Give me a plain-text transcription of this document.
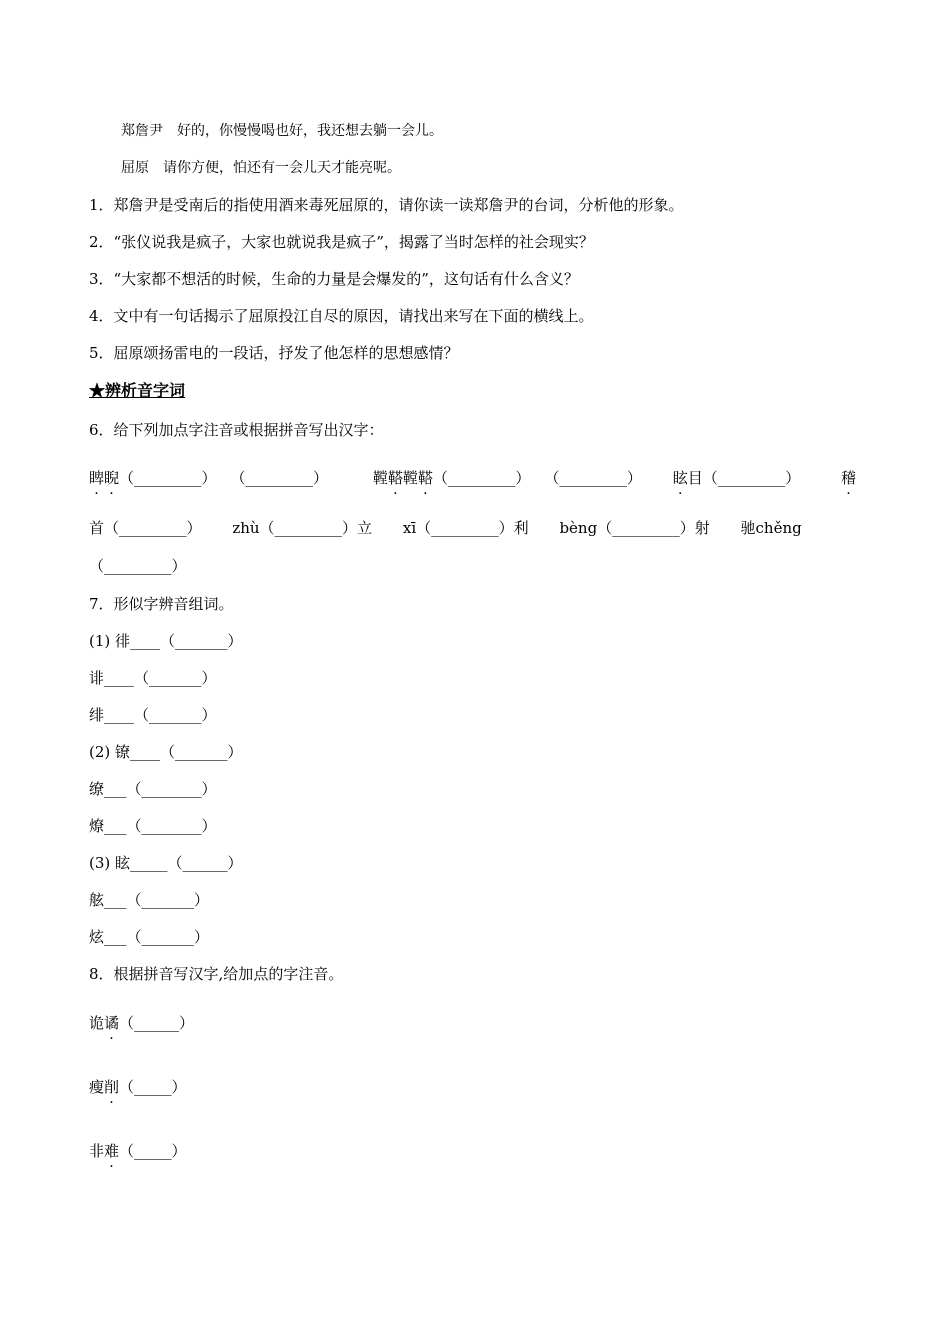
郑詹尹 好的，你慢慢喝也好，我还想去躺一会儿。
屈原 请你方便，怕还有一会儿天才能亮呢。
1．郑詹尹是受南后的指使用酒来毒死屈原的，请你读一读郑詹尹的台词，分析他的形象。
2．“张仪说我是疯子，大家也就说我是疯子”，揭露了当时怎样的社会现实？
3．“大家都不想活的时候，生命的力量是会爆发的”，这句话有什么含义？
4．文中有一句话揭示了屈原投江自尽的原因，请找出来写在下面的横线上。
5．屈原颂扬雷电的一段话，抒发了他怎样的思想感情？
★辨析音字词
6．给下列加点字注音或根据拼音写出汉字：
睥睨（_________） （_________）	鞺鞳鞺鞳（_________） （_________） 眩目（_________）	稽
首（_________） zhù（_________）立 xī（_________）利 bèng（_________）射 驰chěng
（_________）
7．形似字辨音组词。
(1) 徘____（_______）
诽____（_______）
绯____（_______）
(2) 镣____（_______）
缭___（________）
燎___（________）
(3) 眩_____（______）
舷___（_______）
炫___（_______）
8．根据拼音写汉字,给加点的字注音。
诡谲（______）
瘦削（_____）
非难（_____）
